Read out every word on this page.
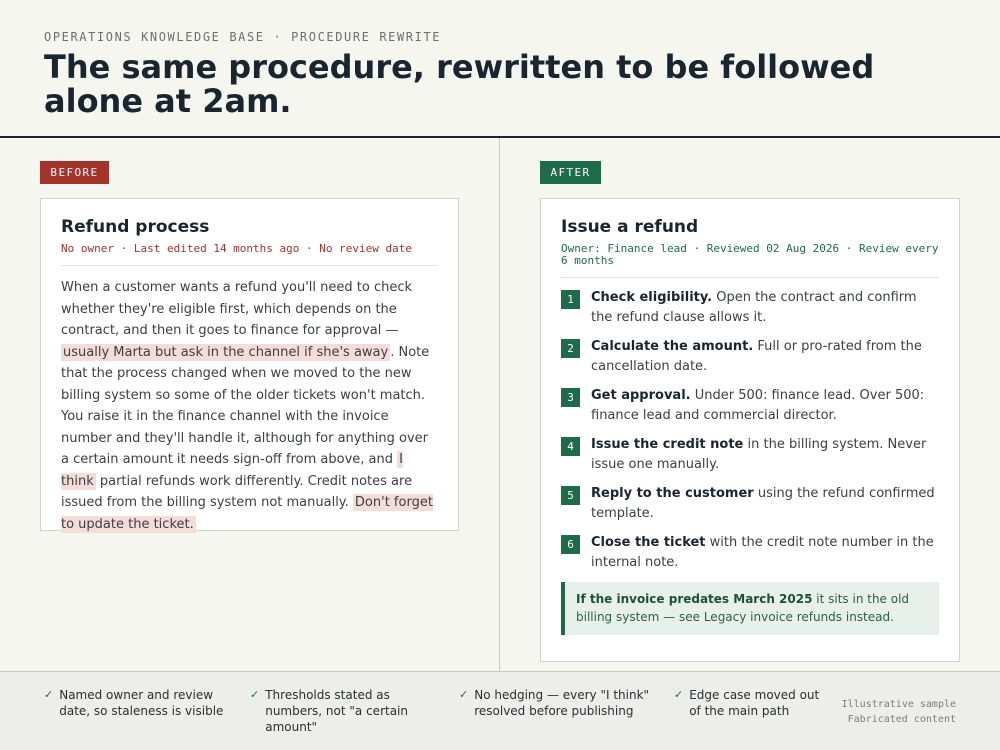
OPERATIONS KNOWLEDGE BASE · PROCEDURE REWRITE
The same procedure, rewritten to be followed alone at 2am.
BEFORE	AFTER
Refund process
No owner · Last edited 14 months ago · No review date

When a customer wants a refund you'll need to check whether they're eligible first, which depends on the contract, and then it goes to finance for approval — usually Marta but ask in the channel if she's away . Note that the process changed when we moved to the new billing system so some of the older tickets won't match. You raise it in the finance channel with the invoice number and they'll handle it, although for anything over a certain amount it needs sign-off from above, and I think partial refunds work differently. Credit notes are issued from the billing system not manually. Don't forget to update the ticket.

Issue a refund
Owner: Finance lead · Reviewed 02 Aug 2026 · Review every 6 months
1	Check eligibility. Open the contract and confirm the refund clause allows it.
2	Calculate the amount. Full or pro-rated from the cancellation date.
3	Get approval. Under 500: finance lead. Over 500: finance lead and commercial director.
4	Issue the credit note in the billing system. Never issue one manually.
5	Reply to the customer using the refund confirmed template.
6	Close the ticket with the credit note number in the internal note.
If the invoice predates March 2025 it sits in the old billing system — see Legacy invoice refunds instead.
✓ Named owner and review date, so staleness is visible
✓ Thresholds stated as numbers, not "a certain amount"
✓ No hedging — every "I think" resolved before publishing
✓ Edge case moved out of the main path	Illustrative sample
Fabricated content
